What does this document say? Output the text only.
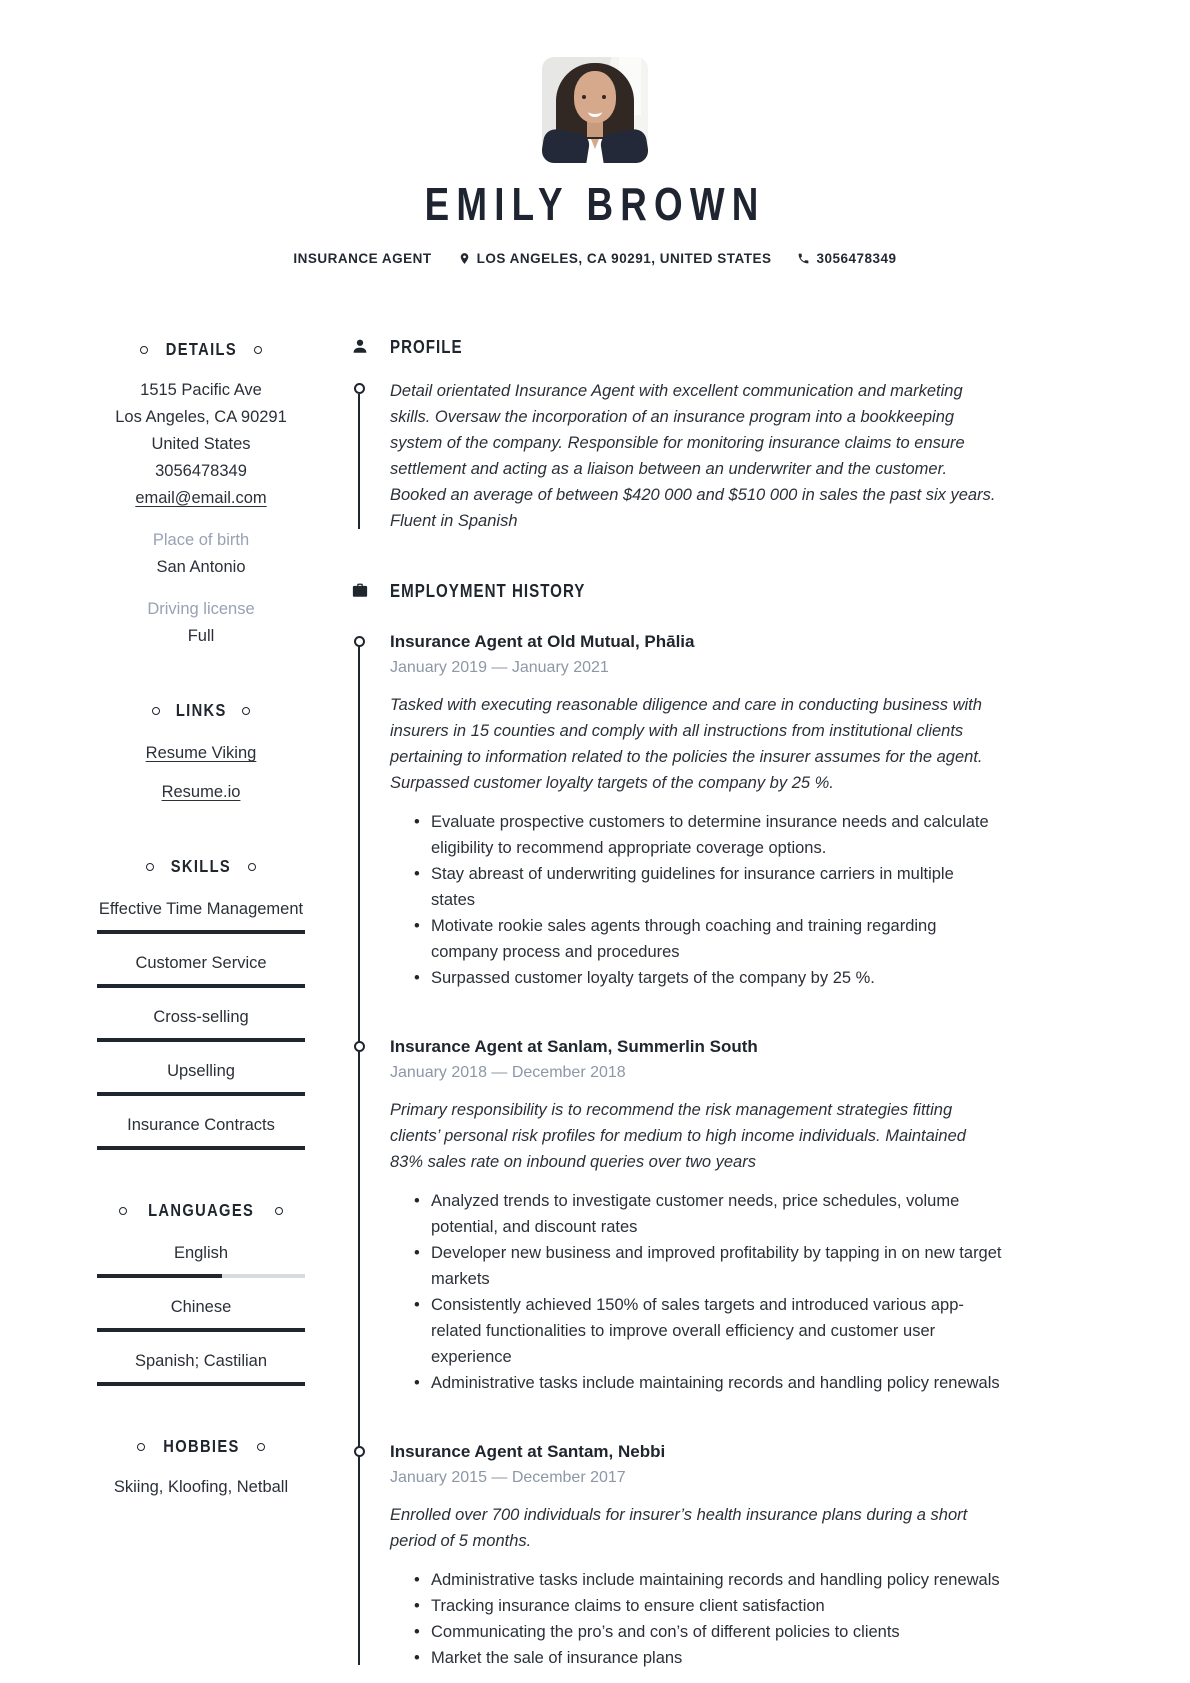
EMILY BROWN
INSURANCE AGENT	LOS ANGELES, CA 90291, UNITED STATES	3056478349
DETAILS

1515 Pacific Ave

Los Angeles, CA 90291

United States

3056478349

email@email.com

Place of birth

San Antonio

Driving license

Full

LINKS
Resume Viking
Resume.io
SKILLS
Effective Time Management
Customer Service
Cross-selling
Upselling
Insurance Contracts
LANGUAGES
English
Chinese
Spanish; Castilian
HOBBIES

Skiing, Kloofing, Netball

PROFILE

Detail orientated Insurance Agent with excellent communication and marketing skills. Oversaw the incorporation of an insurance program into a bookkeeping system of the company. Responsible for monitoring insurance claims to ensure settlement and acting as a liaison between an underwriter and the customer. Booked an average of between $420 000 and $510 000 in sales the past six years. Fluent in Spanish

EMPLOYMENT HISTORY

Insurance Agent at Old Mutual, Phālia

January 2019 — January 2021

Tasked with executing reasonable diligence and care in conducting business with insurers in 15 counties and comply with all instructions from institutional clients pertaining to information related to the policies the insurer assumes for the agent. Surpassed customer loyalty targets of the company by 25 %.

• Evaluate prospective customers to determine insurance needs and calculate eligibility to recommend appropriate coverage options.
• Stay abreast of underwriting guidelines for insurance carriers in multiple states
• Motivate rookie sales agents through coaching and training regarding company process and procedures
• Surpassed customer loyalty targets of the company by 25 %.

Insurance Agent at Sanlam, Summerlin South

January 2018 — December 2018

Primary responsibility is to recommend the risk management strategies fitting clients’ personal risk profiles for medium to high income individuals. Maintained 83% sales rate on inbound queries over two years

• Analyzed trends to investigate customer needs, price schedules, volume potential, and discount rates
• Developer new business and improved profitability by tapping in on new target markets
• Consistently achieved 150% of sales targets and introduced various app-related functionalities to improve overall efficiency and customer user experience
• Administrative tasks include maintaining records and handling policy renewals

Insurance Agent at Santam, Nebbi

January 2015 — December 2017

Enrolled over 700 individuals for insurer’s health insurance plans during a short period of 5 months.

• Administrative tasks include maintaining records and handling policy renewals
• Tracking insurance claims to ensure client satisfaction
• Communicating the pro’s and con’s of different policies to clients
• Market the sale of insurance plans
